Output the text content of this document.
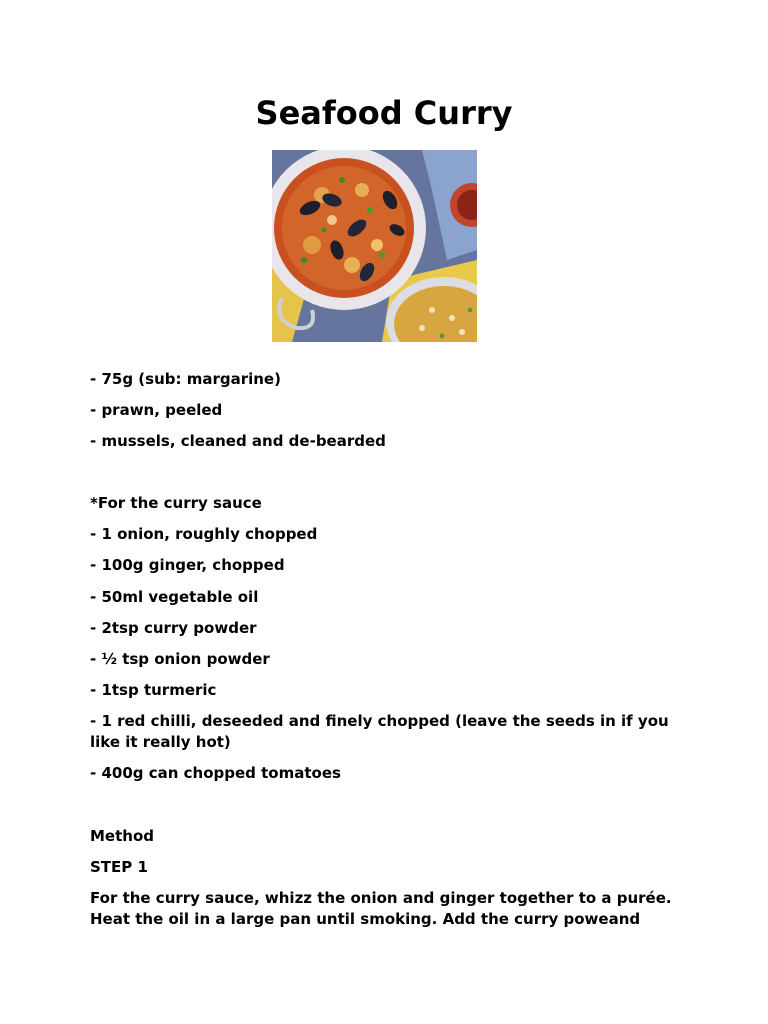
Seafood Curry
- 75g (sub: margarine)
- prawn, peeled
- mussels, cleaned and de-bearded
*For the curry sauce
- 1 onion, roughly chopped
- 100g ginger, chopped
- 50ml vegetable oil
- 2tsp curry powder
- ½ tsp onion powder
- 1tsp turmeric
- 1 red chilli, deseeded and finely chopped (leave the seeds in if you like it really hot)
- 400g can chopped tomatoes
Method
STEP 1
For the curry sauce, whizz the onion and ginger together to a purée. Heat the oil in a large pan until smoking. Add the curry poweand
